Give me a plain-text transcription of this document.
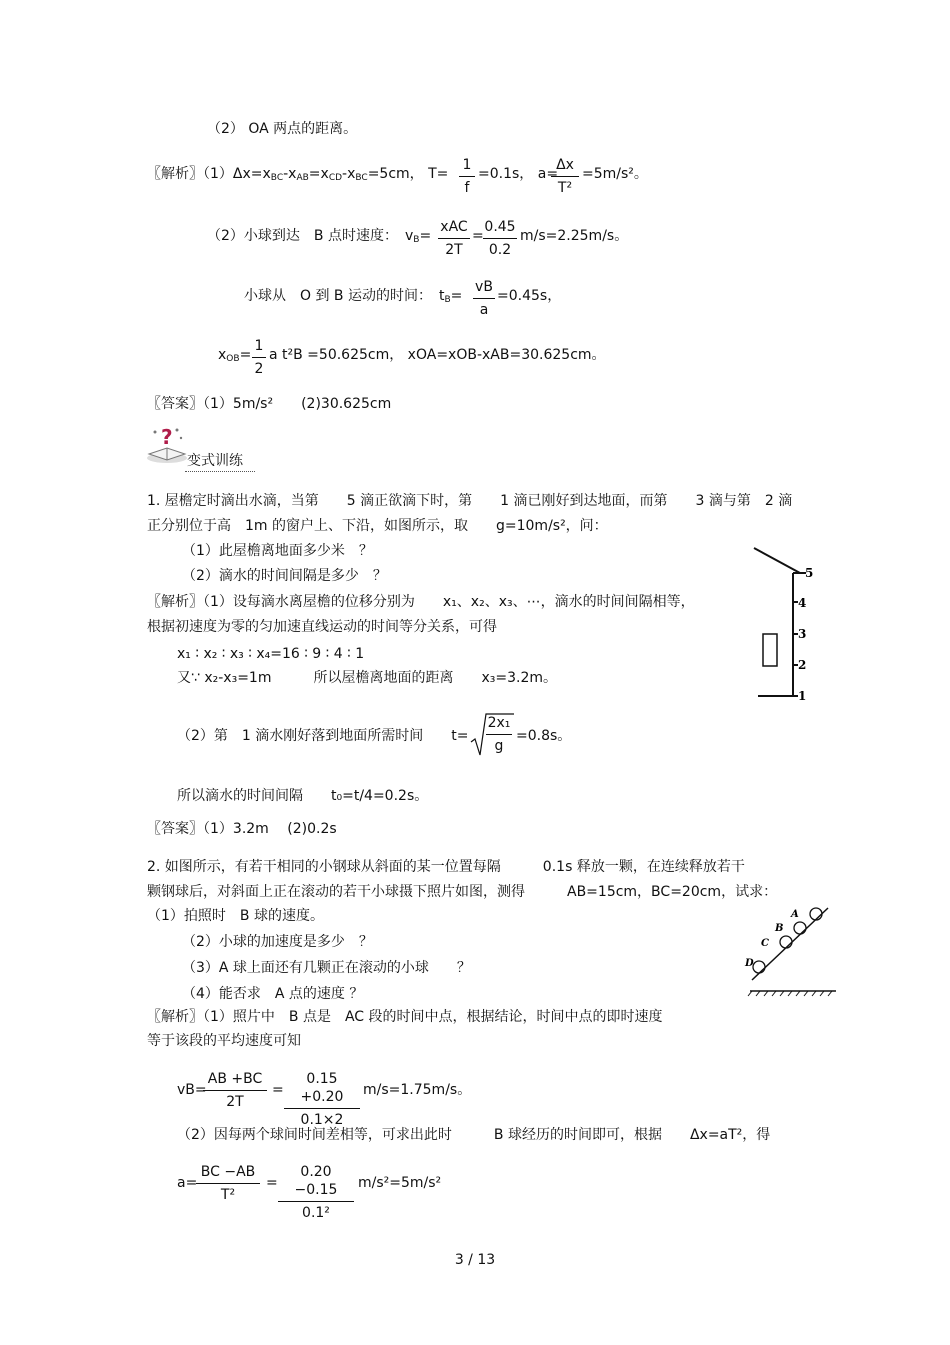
（2） OA 两点的距离。
〖解析〗$(1)\Delta x=x_{BC}-x_{AB}=x_{CD}-x_{BC}=5cm$， T=
1
f
=0.1s， a=
Δx
T²
=5m/s²。
（2）小球到达　B 点时速度：　$v_B=$
xAC
2T
=
0.45
0.2
m/s=2.25m/s。
小球从　O 到 B 运动的时间：　$t_B=$
vB
a
=0.45s，
$x_{OB}=$
1
2
a t²B =50.625cm， xOA=xOB-xAB=30.625cm。
〖答案〗（1）5m/s²　　(2)30.625cm
?
变式训练
1. 屋檐定时滴出水滴，当第　　5 滴正欲滴下时，第　　1 滴已刚好到达地面，而第　　3 滴与第　2 滴
正分别位于高　1m 的窗户上、下沿，如图所示，取　　g=10m/s²，问：
（1）此屋檐离地面多少米　？
（2）滴水的时间间隔是多少　？
〖解析〗（1）设每滴水离屋檐的位移分别为　　x₁、x₂、x₃、⋯，滴水的时间间隔相等，
根据初速度为零的匀加速直线运动的时间等分关系，可得
x₁ ∶ x₂ ∶ x₃ ∶ x₄=16 ∶ 9 ∶ 4 ∶ 1
又∵ x₂-x₃=1m　　　所以屋檐离地面的距离　　x₃=3.2m。
（2）第　1 滴水刚好落到地面所需时间　　t=
2x₁
g
=0.8s。
所以滴水的时间间隔　　t₀=t/4=0.2s。
〖答案〗（1）3.2m　 (2)0.2s
5
4
3
2
1
2. 如图所示，有若干相同的小钢球从斜面的某一位置每隔　　　0.1s 释放一颗，在连续释放若干
颗钢球后，对斜面上正在滚动的若干小球摄下照片如图，测得　　　AB=15cm，BC=20cm，试求：
（1）拍照时　B 球的速度。
（2）小球的加速度是多少　？
（3）A 球上面还有几颗正在滚动的小球　　？
（4）能否求　A 点的速度 ？
〖解析〗（1）照片中　B 点是　AC 段的时间中点，根据结论，时间中点的即时速度
等于该段的平均速度可知
A
B
C
D
vB=
AB +BC
2T
=
0.15 +0.20
0.1×2
m/s=1.75m/s。
（2）因每两个球间时间差相等，可求出此时　　　B 球经历的时间即可，根据　　Δx=aT²，得
a=
BC −AB
T²
=
0.20 −0.15
0.1²
m/s²=5m/s²
3 / 13
